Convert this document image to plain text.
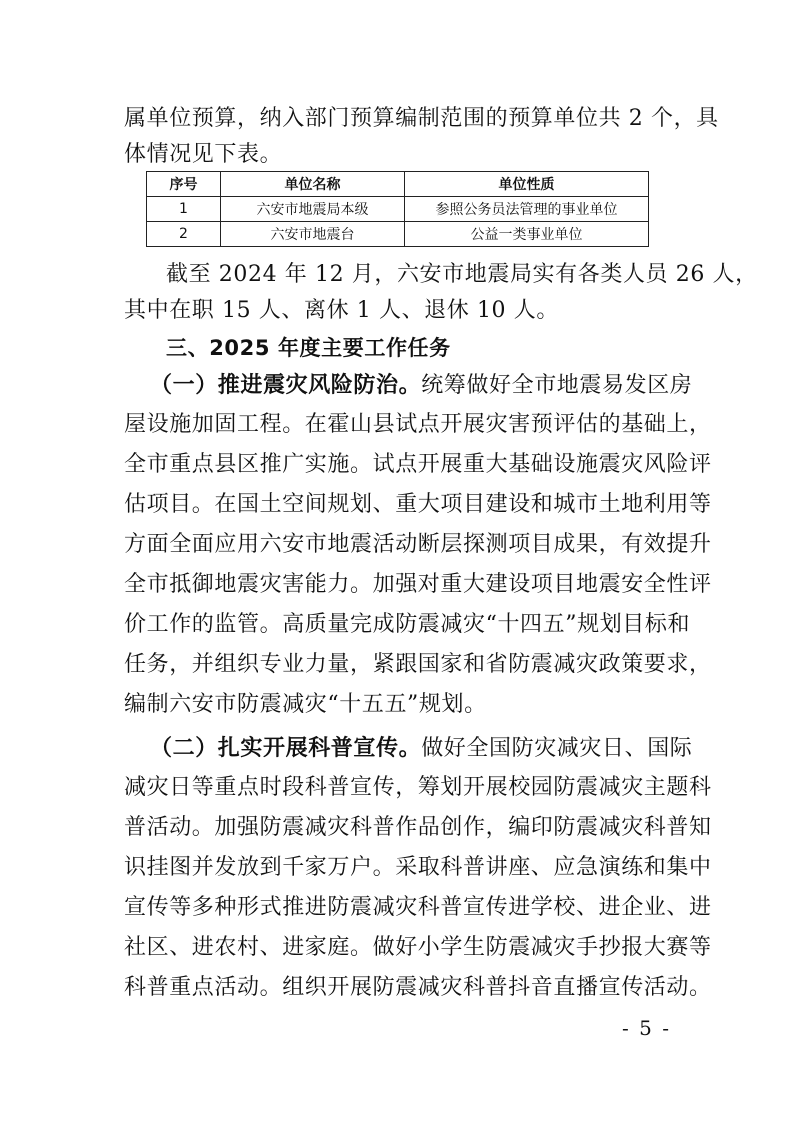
属单位预算，纳入部门预算编制范围的预算单位共 2 个，具
体情况见下表。
序号	单位名称	单位性质
1	六安市地震局本级	参照公务员法管理的事业单位
2	六安市地震台	公益一类事业单位
截至 2024 年 12 月，六安市地震局实有各类人员 26 人，
其中在职 15 人、离休 1 人、退休 10 人。
三、2025 年度主要工作任务
（一）推进震灾风险防治。统筹做好全市地震易发区房
屋设施加固工程。在霍山县试点开展灾害预评估的基础上，
全市重点县区推广实施。试点开展重大基础设施震灾风险评
估项目。在国土空间规划、重大项目建设和城市土地利用等
方面全面应用六安市地震活动断层探测项目成果，有效提升
全市抵御地震灾害能力。加强对重大建设项目地震安全性评
价工作的监管。高质量完成防震减灾“十四五”规划目标和
任务，并组织专业力量，紧跟国家和省防震减灾政策要求，
编制六安市防震减灾“十五五”规划。
（二）扎实开展科普宣传。做好全国防灾减灾日、国际
减灾日等重点时段科普宣传，筹划开展校园防震减灾主题科
普活动。加强防震减灾科普作品创作，编印防震减灾科普知
识挂图并发放到千家万户。采取科普讲座、应急演练和集中
宣传等多种形式推进防震减灾科普宣传进学校、进企业、进
社区、进农村、进家庭。做好小学生防震减灾手抄报大赛等
科普重点活动。组织开展防震减灾科普抖音直播宣传活动。
- 5 -
